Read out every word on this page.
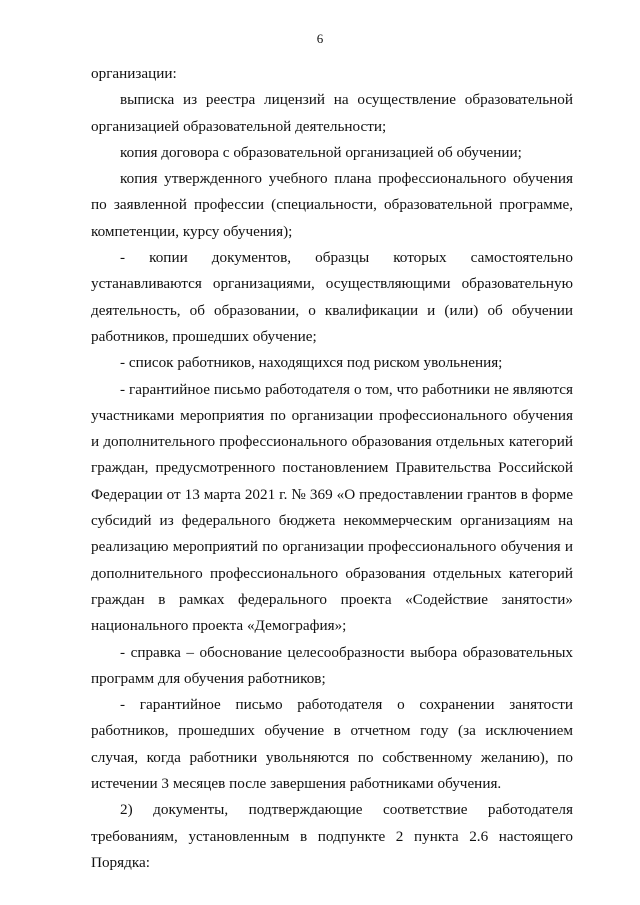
6

организации:

выписка из реестра лицензий на осуществление образовательной организацией образовательной деятельности;

копия договора с образовательной организацией об обучении;

копия утвержденного учебного плана профессионального обучения по заявленной профессии (специальности, образовательной программе, компетенции, курсу обучения);

- копии документов, образцы которых самостоятельно устанавливаются организациями, осуществляющими образовательную деятельность, об образовании, о квалификации и (или) об обучении работников, прошедших обучение;

- список работников, находящихся под риском увольнения;

- гарантийное письмо работодателя о том, что работники не являются участниками мероприятия по организации профессионального обучения и дополнительного профессионального образования отдельных категорий граждан, предусмотренного постановлением Правительства Российской Федерации от 13 марта 2021 г. № 369 «О предоставлении грантов в форме субсидий из федерального бюджета некоммерческим организациям на реализацию мероприятий по организации профессионального обучения и дополнительного профессионального образования отдельных категорий граждан в рамках федерального проекта «Содействие занятости» национального проекта «Демография»;

- справка – обоснование целесообразности выбора образовательных программ для обучения работников;

- гарантийное письмо работодателя о сохранении занятости работников, прошедших обучение в отчетном году (за исключением случая, когда работники увольняются по собственному желанию), по истечении 3 месяцев после завершения работниками обучения.

2) документы, подтверждающие соответствие работодателя требованиям, установленным в подпункте 2 пункта 2.6 настоящего Порядка:
